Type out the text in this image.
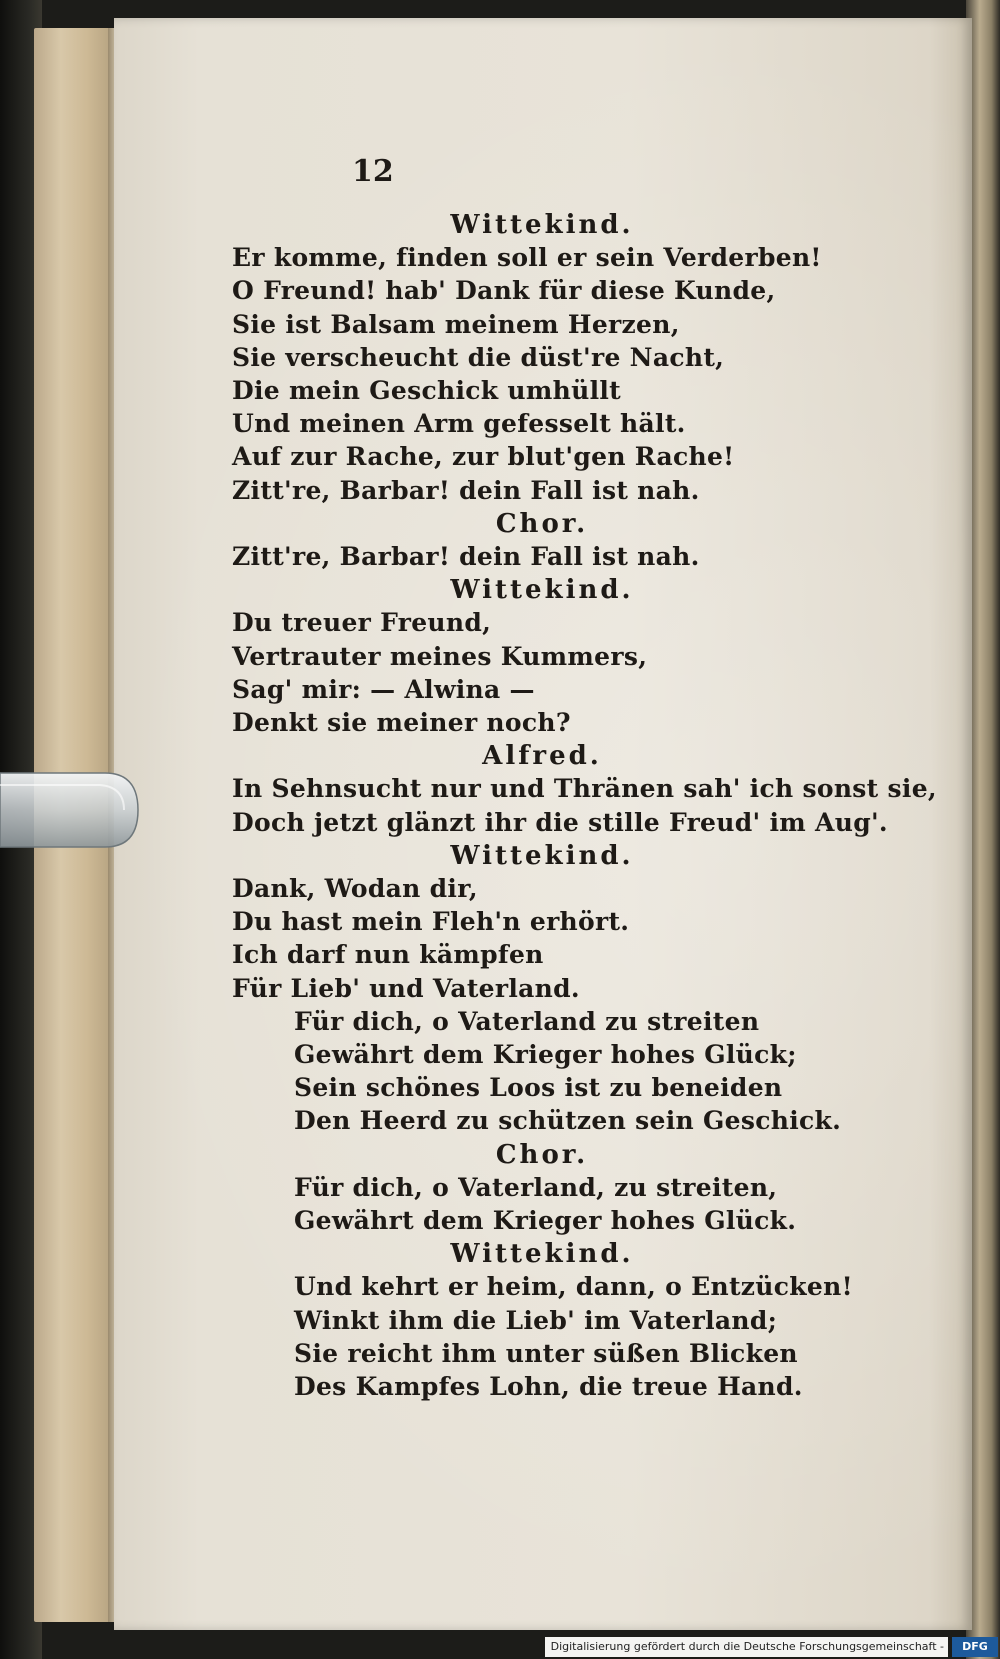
12
Wittekind.
Er komme, finden soll er sein Verderben!
O Freund! hab' Dank für diese Kunde,
Sie ist Balsam meinem Herzen,
Sie verscheucht die düst're Nacht,
Die mein Geschick umhüllt
Und meinen Arm gefesselt hält.
Auf zur Rache, zur blut'gen Rache!
Zitt're, Barbar! dein Fall ist nah.
Chor.
Zitt're, Barbar! dein Fall ist nah.
Wittekind.
Du treuer Freund,
Vertrauter meines Kummers,
Sag' mir: — Alwina —
Denkt sie meiner noch?
Alfred.
In Sehnsucht nur und Thränen sah' ich sonst sie,
Doch jetzt glänzt ihr die stille Freud' im Aug'.
Wittekind.
Dank, Wodan dir,
Du hast mein Fleh'n erhört.
Ich darf nun kämpfen
Für Lieb' und Vaterland.
Für dich, o Vaterland zu streiten
Gewährt dem Krieger hohes Glück;
Sein schönes Loos ist zu beneiden
Den Heerd zu schützen sein Geschick.
Chor.
Für dich, o Vaterland, zu streiten,
Gewährt dem Krieger hohes Glück.
Wittekind.
Und kehrt er heim, dann, o Entzücken!
Winkt ihm die Lieb' im Vaterland;
Sie reicht ihm unter süßen Blicken
Des Kampfes Lohn, die treue Hand.
Digitalisierung gefördert durch die Deutsche Forschungsgemeinschaft -	DFG
